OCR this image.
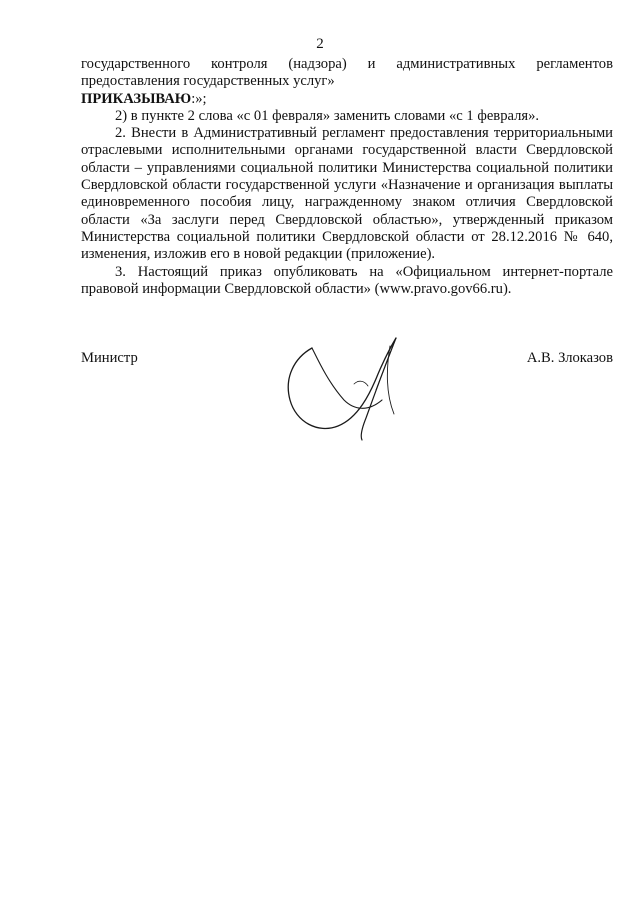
2

государственного контроля (надзора) и административных регламентов предоставления государственных услуг»

ПРИКАЗЫВАЮ:»;

2) в пункте 2 слова «с 01 февраля» заменить словами «с 1 февраля».

2. Внести в Административный регламент предоставления территориальными отраслевыми исполнительными органами государственной власти Свердловской области – управлениями социальной политики Министерства социальной политики Свердловской области государственной услуги «Назначение и организация выплаты единовременного пособия лицу, награжденному знаком отличия Свердловской области «За заслуги перед Свердловской областью», утвержденный приказом Министерства социальной политики Свердловской области от 28.12.2016 № 640, изменения, изложив его в новой редакции (приложение).

3. Настоящий приказ опубликовать на «Официальном интернет-портале правовой информации Свердловской области» (www.pravo.gov66.ru).

Министр	А.В. Злоказов
